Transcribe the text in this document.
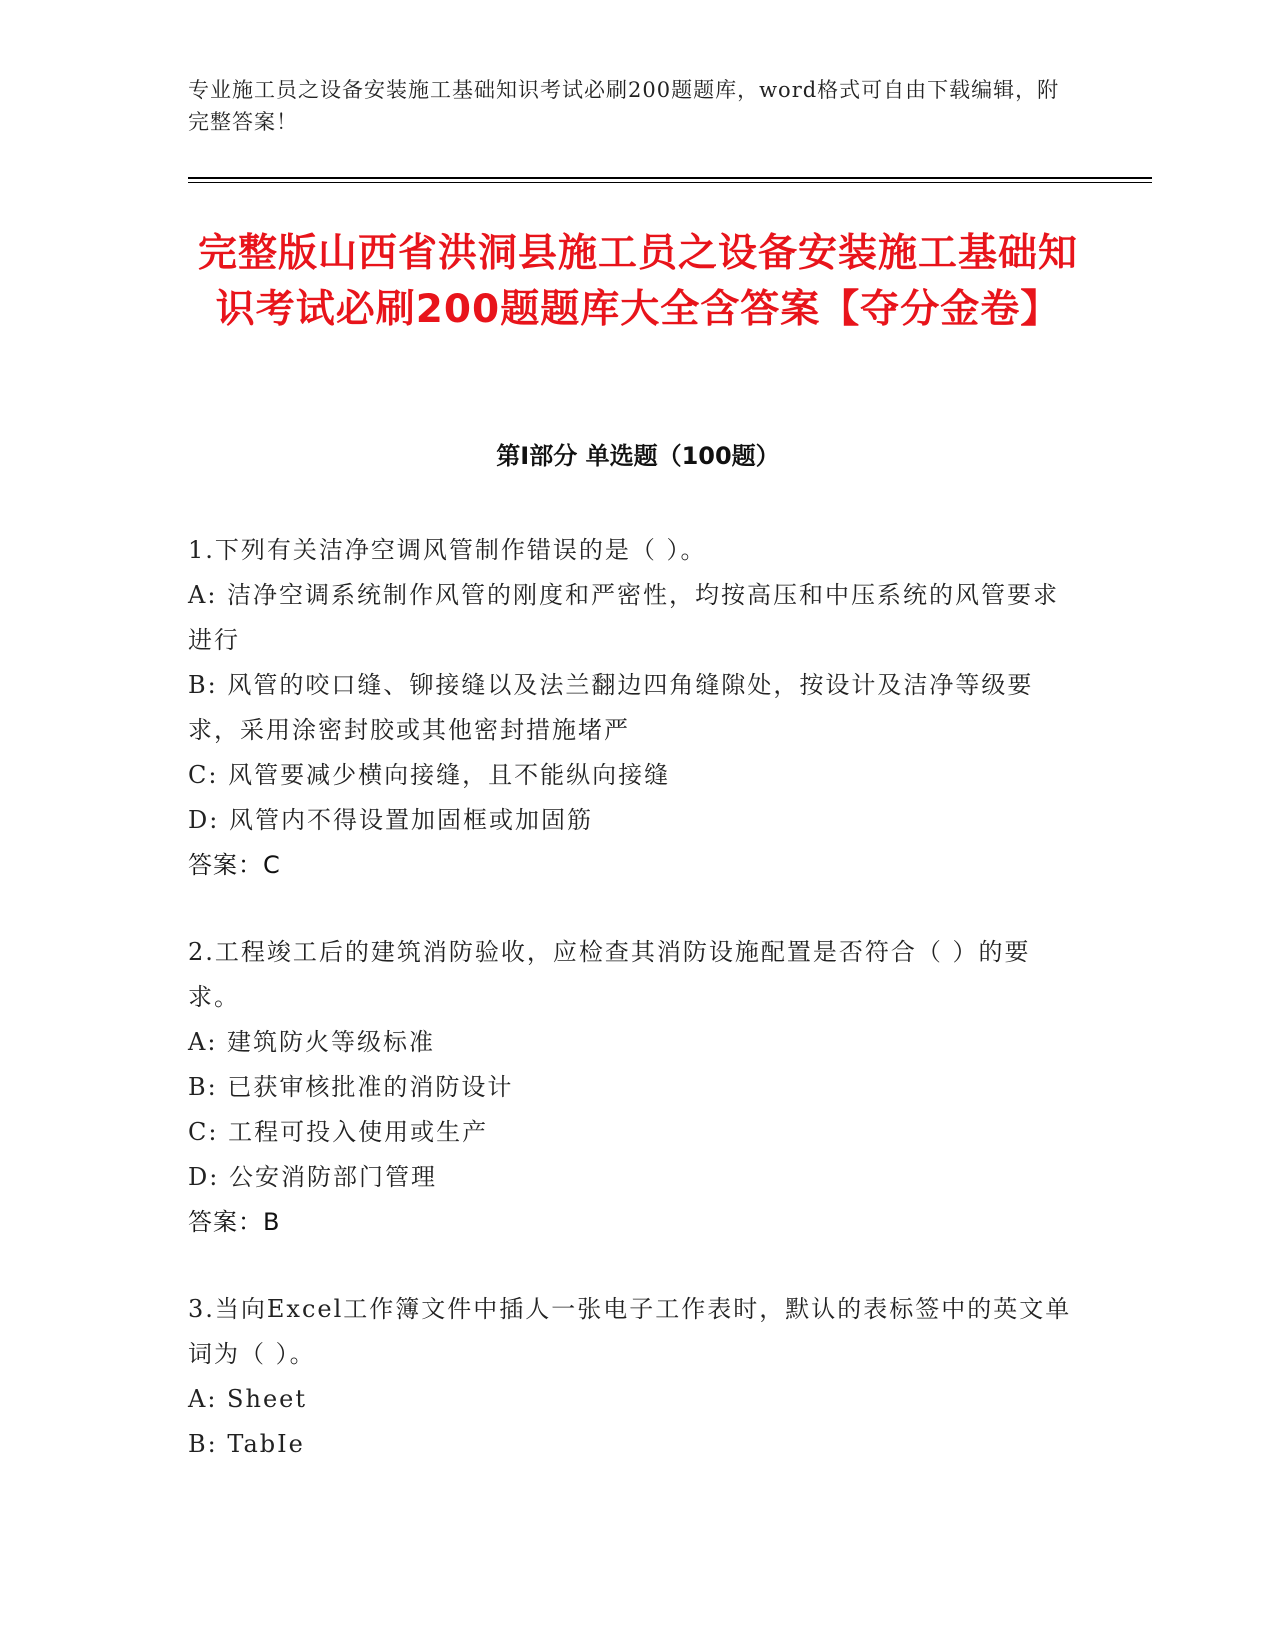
专业施工员之设备安装施工基础知识考试必刷200题题库，word格式可自由下载编辑，附完整答案！
完整版山西省洪洞县施工员之设备安装施工基础知识考试必刷200题题库大全含答案【夺分金卷】
第I部分 单选题（100题）
1.下列有关洁净空调风管制作错误的是（ ）。
A: 洁净空调系统制作风管的刚度和严密性，均按高压和中压系统的风管要求进行
B: 风管的咬口缝、铆接缝以及法兰翻边四角缝隙处，按设计及洁净等级要求，采用涂密封胶或其他密封措施堵严
C: 风管要减少横向接缝，且不能纵向接缝
D: 风管内不得设置加固框或加固筋
答案：C
2.工程竣工后的建筑消防验收，应检查其消防设施配置是否符合（ ）的要求。
A: 建筑防火等级标准
B: 已获审核批准的消防设计
C: 工程可投入使用或生产
D: 公安消防部门管理
答案：B
3.当向Excel工作簿文件中插人一张电子工作表时，默认的表标签中的英文单词为（ ）。
A: Sheet
B: TabIe
